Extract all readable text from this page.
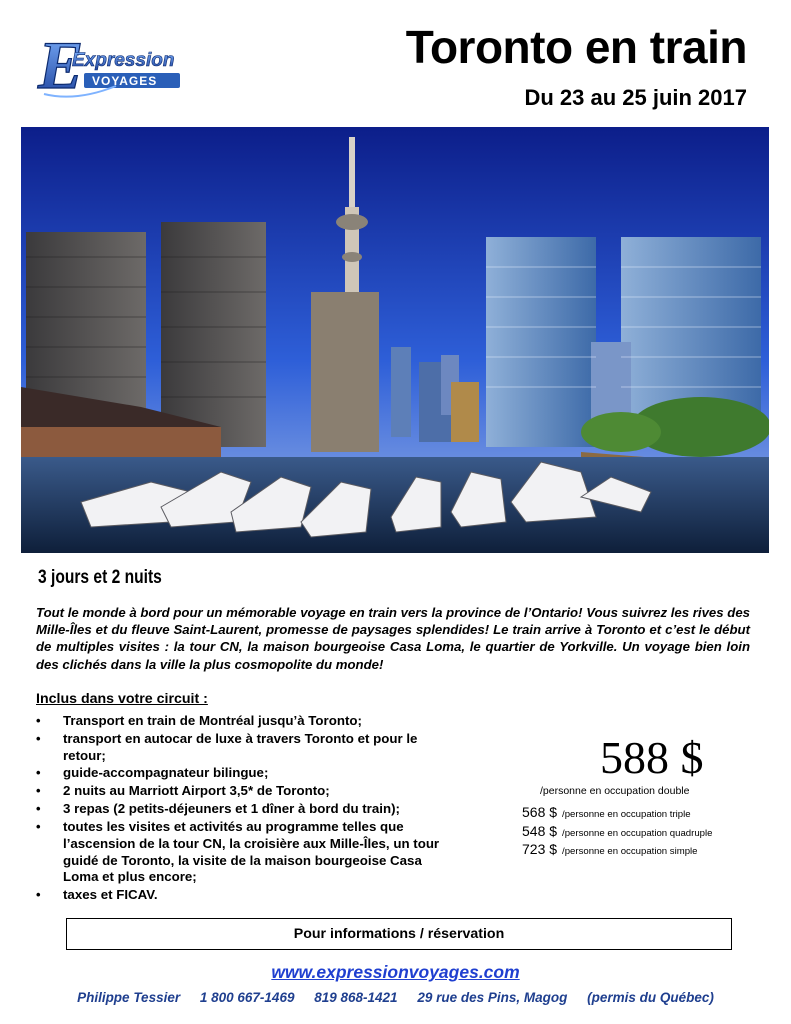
E
Expression
VOYAGES
Toronto en train
Du 23 au 25 juin 2017
3 jours et 2 nuits

Tout le monde à bord pour un mémorable voyage en train vers la province de l’Ontario! Vous suivrez les rives des Mille-Îles et du fleuve Saint-Laurent, promesse de paysages splendides! Le train arrive à Toronto et c’est le début de multiples visites : la tour CN, la maison bourgeoise Casa Loma, le quartier de Yorkville. Un voyage bien loin des clichés dans la ville la plus cosmopolite du monde!

Inclus dans votre circuit :
• Transport en train de Montréal jusqu’à Toronto;
• transport en autocar de luxe à travers Toronto et pour le retour;
• guide-accompagnateur bilingue;
• 2 nuits au Marriott Airport 3,5* de Toronto;
• 3 repas (2 petits-déjeuners et 1 dîner à bord du train);
• toutes les visites et activités au programme telles que l’ascension de la tour CN, la croisière aux Mille-Îles, un tour guidé de Toronto, la visite de la maison bourgeoise Casa Loma et plus encore;
• taxes et FICAV.
588 $
/personne en occupation double
568 $ /personne en occupation triple
548 $ /personne en occupation quadruple
723 $ /personne en occupation simple
Pour informations / réservation
www.expressionvoyages.com
Philippe Tessier 1 800 667-1469 819 868-1421 29 rue des Pins, Magog (permis du Québec)
